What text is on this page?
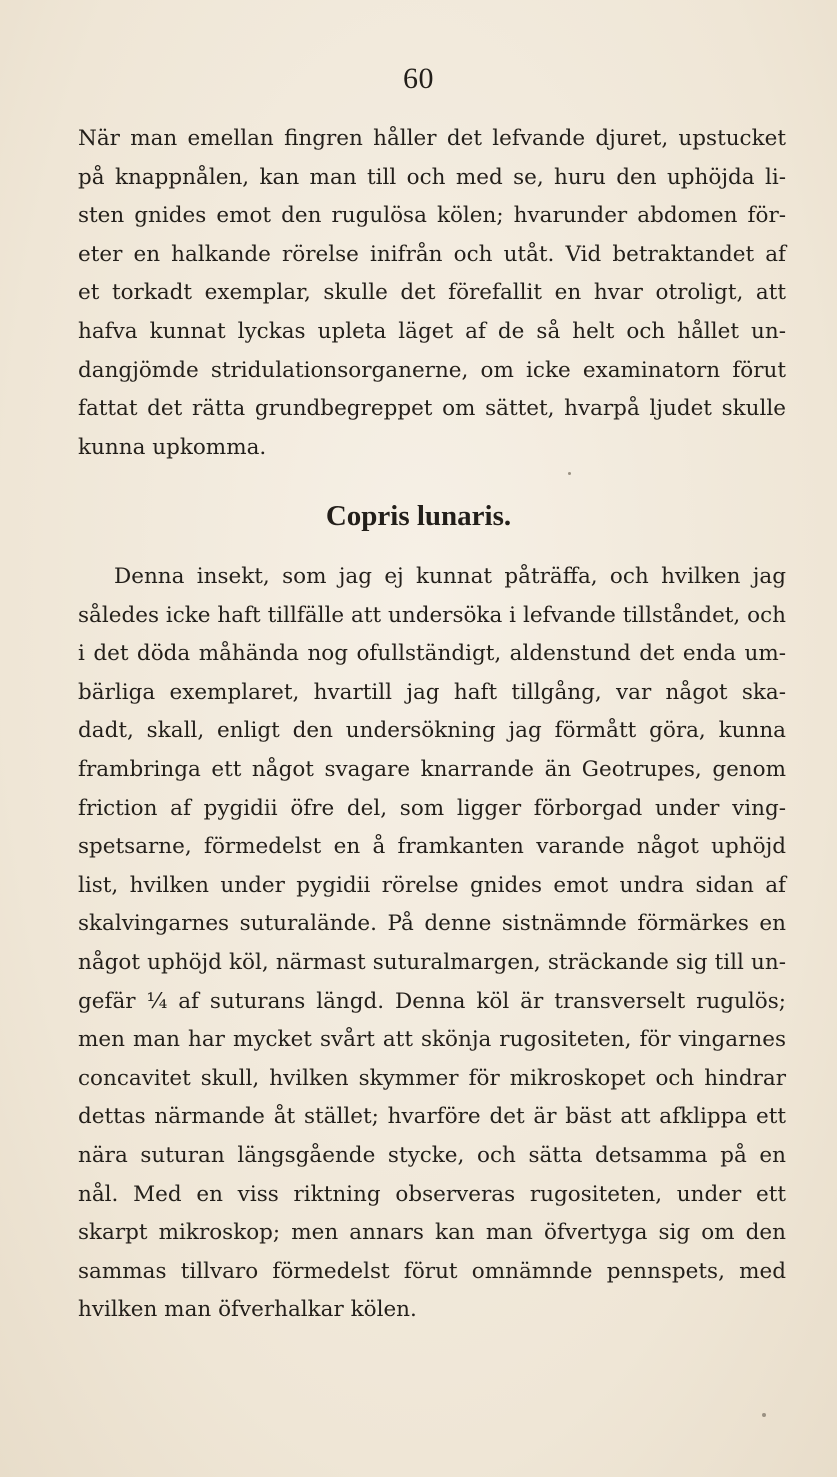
60
När man emellan fingren håller det lefvande djuret, upstucket
på knappnålen, kan man till och med se, huru den uphöjda li-
sten gnides emot den rugulösa kölen; hvarunder abdomen för-
eter en halkande rörelse inifrån och utåt. Vid betraktandet af
et torkadt exemplar, skulle det förefallit en hvar otroligt, att
hafva kunnat lyckas upleta läget af de så helt och hållet un-
dangjömde stridulationsorganerne, om icke examinatorn förut
fattat det rätta grundbegreppet om sättet, hvarpå ljudet skulle
kunna upkomma.
Copris lunaris.
Denna insekt, som jag ej kunnat påträffa, och hvilken jag
således icke haft tillfälle att undersöka i lefvande tillståndet, och
i det döda måhända nog ofullständigt, aldenstund det enda um-
bärliga exemplaret, hvartill jag haft tillgång, var något ska-
dadt, skall, enligt den undersökning jag förmått göra, kunna
frambringa ett något svagare knarrande än Geotrupes, genom
friction af pygidii öfre del, som ligger förborgad under ving-
spetsarne, förmedelst en å framkanten varande något uphöjd
list, hvilken under pygidii rörelse gnides emot undra sidan af
skalvingarnes suturalände. På denne sistnämnde förmärkes en
något uphöjd köl, närmast suturalmargen, sträckande sig till un-
gefär ¼ af suturans längd. Denna köl är transverselt rugulös;
men man har mycket svårt att skönja rugositeten, för vingarnes
concavitet skull, hvilken skymmer för mikroskopet och hindrar
dettas närmande åt stället; hvarföre det är bäst att afklippa ett
nära suturan längsgående stycke, och sätta detsamma på en
nål. Med en viss riktning observeras rugositeten, under ett
skarpt mikroskop; men annars kan man öfvertyga sig om den
sammas tillvaro förmedelst förut omnämnde pennspets, med
hvilken man öfverhalkar kölen.
